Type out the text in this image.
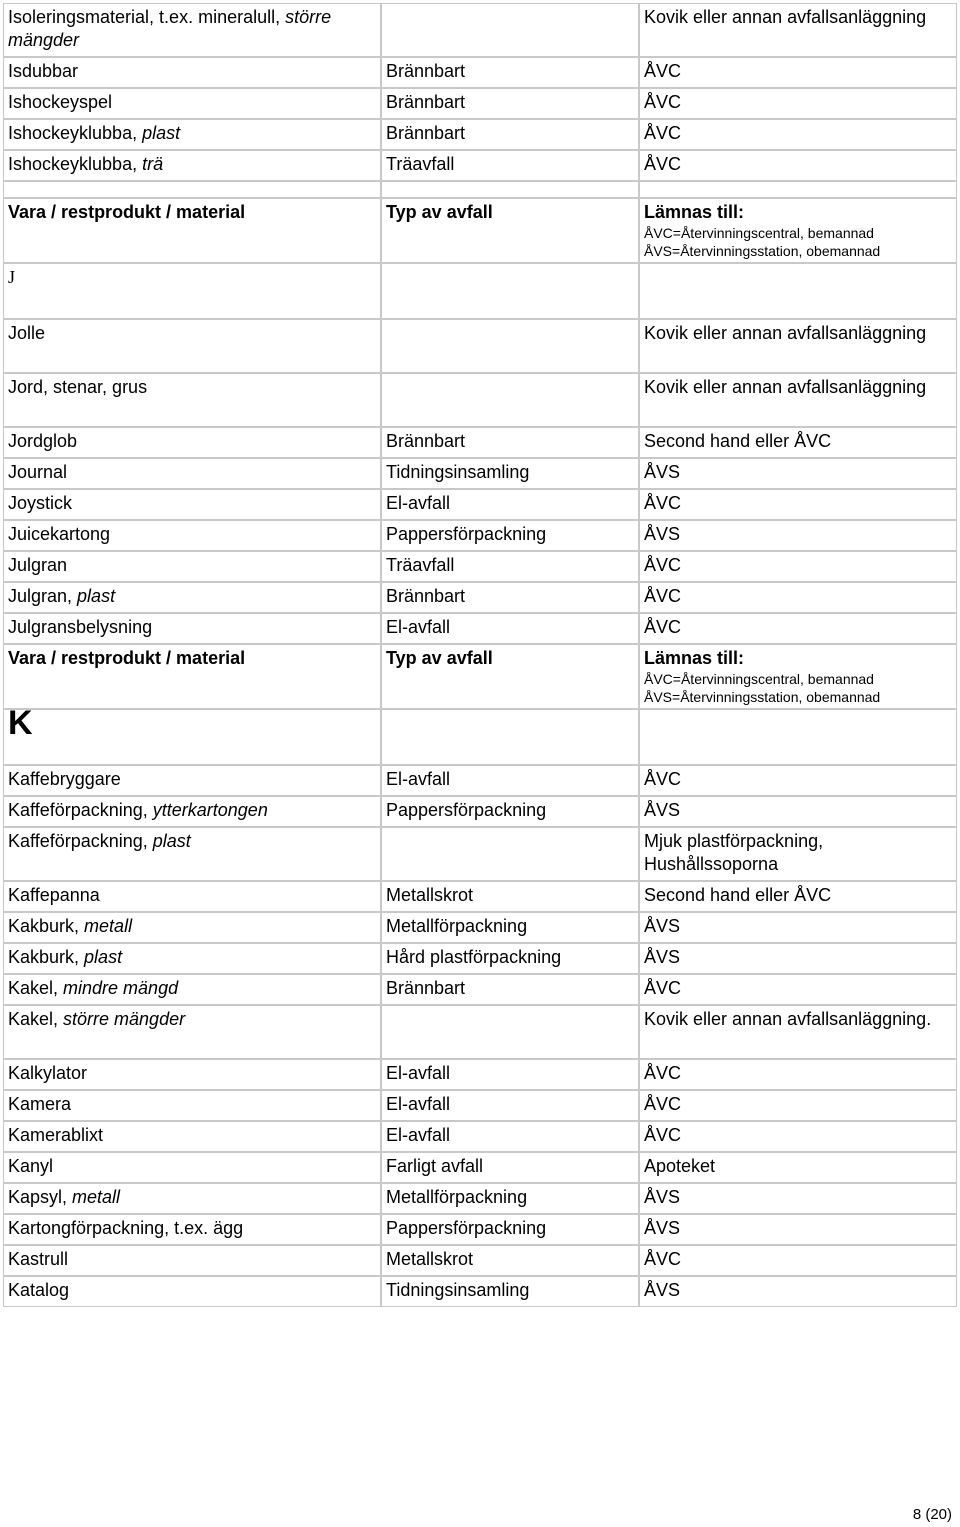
Isoleringsmaterial, t.ex. mineralull, större mängder		Kovik eller annan avfallsanläggning
Isdubbar	Brännbart	ÅVC
Ishockeyspel	Brännbart	ÅVC
Ishockeyklubba, plast	Brännbart	ÅVC
Ishockeyklubba, trä	Träavfall	ÅVC

Vara / restprodukt / material	Typ av avfall	Lämnas till:
ÅVC=Återvinningscentral, bemannad
ÅVS=Återvinningsstation, obemannad

J		
Jolle		Kovik eller annan avfallsanläggning
Jord, stenar, grus		Kovik eller annan avfallsanläggning
Jordglob	Brännbart	Second hand eller ÅVC
Journal	Tidningsinsamling	ÅVS
Joystick	El-avfall	ÅVC
Juicekartong	Pappersförpackning	ÅVS
Julgran	Träavfall	ÅVC
Julgran, plast	Brännbart	ÅVC
Julgransbelysning	El-avfall	ÅVC
Vara / restprodukt / material	Typ av avfall	Lämnas till:
ÅVC=Återvinningscentral, bemannad
ÅVS=Återvinningsstation, obemannad

K		
Kaffebryggare	El-avfall	ÅVC
Kaffeförpackning, ytterkartongen	Pappersförpackning	ÅVS
Kaffeförpackning, plast		Mjuk plastförpackning, Hushållssoporna
Kaffepanna	Metallskrot	Second hand eller ÅVC
Kakburk, metall	Metallförpackning	ÅVS
Kakburk, plast	Hård plastförpackning	ÅVS
Kakel, mindre mängd	Brännbart	ÅVC
Kakel, större mängder		Kovik eller annan avfallsanläggning.
Kalkylator	El-avfall	ÅVC
Kamera	El-avfall	ÅVC
Kamerablixt	El-avfall	ÅVC
Kanyl	Farligt avfall	Apoteket
Kapsyl, metall	Metallförpackning	ÅVS
Kartongförpackning, t.ex. ägg	Pappersförpackning	ÅVS
Kastrull	Metallskrot	ÅVC
Katalog	Tidningsinsamling	ÅVS
8 (20)
